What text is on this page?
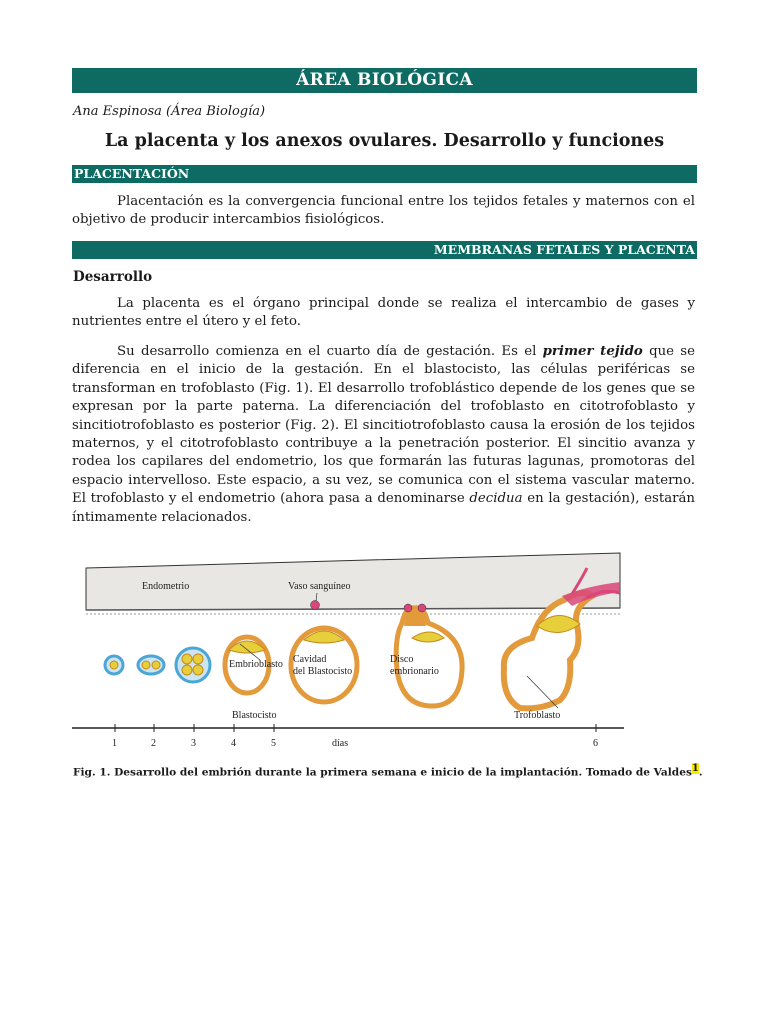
ÁREA BIOLÓGICA
Ana Espinosa (Área Biología)
La placenta y los anexos ovulares. Desarrollo y funciones
PLACENTACIÓN

Placentación es la convergencia funcional entre los tejidos fetales y maternos con el objetivo de producir intercambios fisiológicos.

MEMBRANAS FETALES Y PLACENTA
Desarrollo

La placenta es el órgano principal donde se realiza el intercambio de gases y nutrientes entre el útero y el feto.

Su desarrollo comienza en el cuarto día de gestación. Es el primer tejido que se diferencia en el inicio de la gestación. En el blastocisto, las células periféricas se transforman en trofoblasto (Fig. 1). El desarrollo trofoblástico depende de los genes que se expresan por la parte paterna. La diferenciación del trofoblasto en citotrofoblasto y sincitiotrofoblasto es posterior (Fig. 2). El sincitiotrofoblasto causa la erosión de los tejidos maternos, y el citotrofoblasto contribuye a la penetración posterior. El sincitio avanza y rodea los capilares del endometrio, los que formarán las futuras lagunas, promotoras del espacio intervelloso. Este espacio, a su vez, se comunica con el sistema vascular materno. El trofoblasto y el endometrio (ahora pasa a denominarse decidua en la gestación), estarán íntimamente relacionados.

Endometrio	Vaso sanguíneo
Embrioblasto Cavidad
del Blastocisto
Disco
embrionario
Trofoblasto
Blastocisto
1	2	3	4	5	días	6
Fig. 1. Desarrollo del embrión durante la primera semana e inicio de la implantación. Tomado de Valdes$^1$.
